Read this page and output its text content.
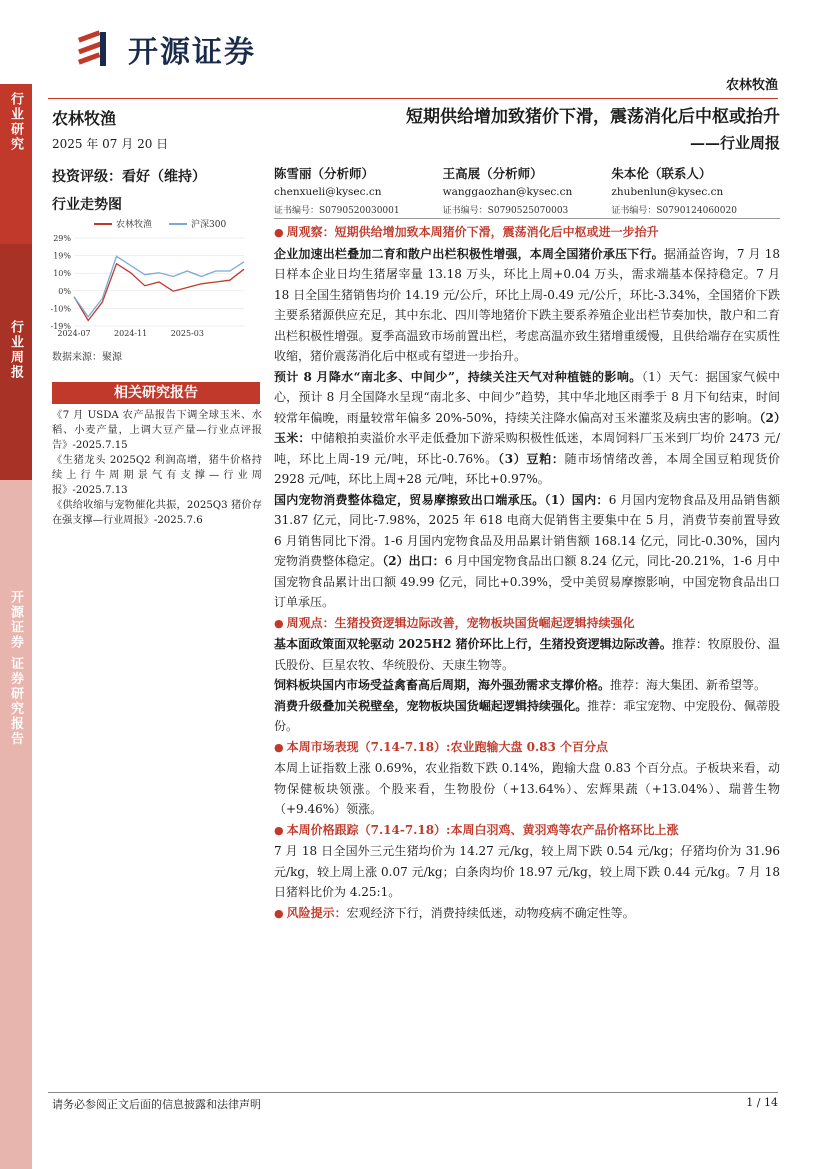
开源证券
农林牧渔
行业研究
行业周报
开源证券 证券研究报告
农林牧渔
2025 年 07 月 20 日
投资评级：看好（维持）
行业走势图
29%
19%
10%
0%
-10%
-19%
2024-07	2024-11	2025-03
农林牧渔	沪深300
数据来源：聚源
相关研究报告
《7 月 USDA 农产品报告下调全球玉米、水稻、小麦产量，上调大豆产量—行业点评报告》-2025.7.15
《生猪龙头 2025Q2 利润高增，猪牛价格持续上行牛周期景气有支撑—行业周报》-2025.7.13
《供给收缩与宠物催化共振，2025Q3 猪价存在强支撑—行业周报》-2025.7.6
短期供给增加致猪价下滑，震荡消化后中枢或抬升
——行业周报
陈雪丽（分析师）
chenxueli@kysec.cn
证书编号：S0790520030001
王高展（分析师）
wanggaozhan@kysec.cn
证书编号：S0790525070003
朱本伦（联系人）
zhubenlun@kysec.cn
证书编号：S0790124060020

● 周观察：短期供给增加致本周猪价下滑，震荡消化后中枢或进一步抬升

企业加速出栏叠加二育和散户出栏积极性增强，本周全国猪价承压下行。据涌益咨询，7 月 18 日样本企业日均生猪屠宰量 13.18 万头，环比上周+0.04 万头，需求端基本保持稳定。7 月 18 日全国生猪销售均价 14.19 元/公斤，环比上周-0.49 元/公斤，环比-3.34%，全国猪价下跌主要系猪源供应充足，其中东北、四川等地猪价下跌主要系养殖企业出栏节奏加快，散户和二育出栏积极性增强。夏季高温致市场前置出栏，考虑高温亦致生猪增重缓慢，且供给端存在实质性收缩，猪价震荡消化后中枢或有望进一步抬升。

预计 8 月降水“南北多、中间少”，持续关注天气对种植链的影响。（1）天气：据国家气候中心，预计 8 月全国降水呈现“南北多、中间少”趋势，其中华北地区雨季于 8 月下旬结束，时间较常年偏晚，雨量较常年偏多 20%-50%，持续关注降水偏高对玉米灌浆及病虫害的影响。（2）玉米：中储粮拍卖溢价水平走低叠加下游采购积极性低迷，本周饲料厂玉米到厂均价 2473 元/吨，环比上周-19 元/吨，环比-0.76%。（3）豆粕：随市场情绪改善，本周全国豆粕现货价 2928 元/吨，环比上周+28 元/吨，环比+0.97%。

国内宠物消费整体稳定，贸易摩擦致出口端承压。（1）国内：6 月国内宠物食品及用品销售额 31.87 亿元，同比-7.98%，2025 年 618 电商大促销售主要集中在 5 月，消费节奏前置导致 6 月销售同比下滑。1-6 月国内宠物食品及用品累计销售额 168.14 亿元，同比-0.30%，国内宠物消费整体稳定。（2）出口：6 月中国宠物食品出口额 8.24 亿元，同比-20.21%，1-6 月中国宠物食品累计出口额 49.99 亿元，同比+0.39%，受中美贸易摩擦影响，中国宠物食品出口订单承压。

● 周观点：生猪投资逻辑边际改善，宠物板块国货崛起逻辑持续强化

基本面政策面双轮驱动 2025H2 猪价环比上行，生猪投资逻辑边际改善。推荐：牧原股份、温氏股份、巨星农牧、华统股份、天康生物等。

饲料板块国内市场受益禽畜高后周期，海外强劲需求支撑价格。推荐：海大集团、新希望等。

消费升级叠加关税壁垒，宠物板块国货崛起逻辑持续强化。推荐：乖宝宠物、中宠股份、佩蒂股份。

● 本周市场表现（7.14-7.18）:农业跑输大盘 0.83 个百分点

本周上证指数上涨 0.69%，农业指数下跌 0.14%，跑输大盘 0.83 个百分点。子板块来看，动物保健板块领涨。个股来看，生物股份（+13.64%）、宏辉果蔬（+13.04%）、瑞普生物（+9.46%）领涨。

● 本周价格跟踪（7.14-7.18）:本周白羽鸡、黄羽鸡等农产品价格环比上涨

7 月 18 日全国外三元生猪均价为 14.27 元/kg，较上周下跌 0.54 元/kg；仔猪均价为 31.96 元/kg，较上周上涨 0.07 元/kg；白条肉均价 18.97 元/kg，较上周下跌 0.44 元/kg。7 月 18 日猪料比价为 4.25:1。

● 风险提示：宏观经济下行，消费持续低迷，动物疫病不确定性等。

请务必参阅正文后面的信息披露和法律声明	1 / 14
